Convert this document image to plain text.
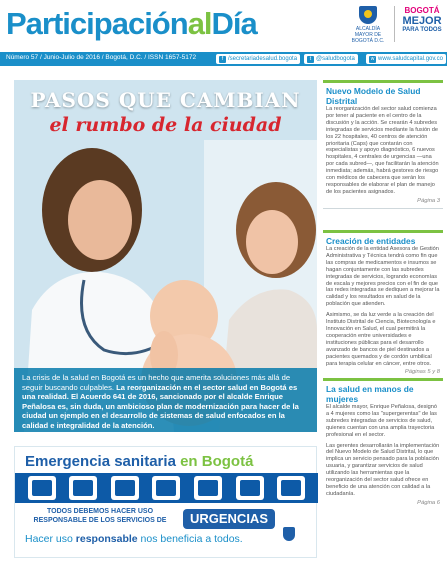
ParticipaciónalDía	ALCALDÍA MAYOR DE BOGOTÁ D.C.
BOGOTÁ
MEJOR
PARA TODOS
Número 57 / Junio-Julio de 2016 / Bogotá, D.C. / ISSN 1657-5172	f /secretariadesalud.bogota	t @saludbogota	w www.saludcapital.gov.co
PASOS QUE CAMBIAN
el rumbo de la ciudad
La crisis de la salud en Bogotá es un hecho que amerita soluciones más allá de seguir buscando culpables. La reorganización en el sector salud en Bogotá es una realidad. El Acuerdo 641 de 2016, sancionado por el alcalde Enrique Peñalosa es, sin duda, un ambicioso plan de modernización para hacer de la ciudad un ejemplo en el desarrollo de sistemas de salud enfocados en la calidad e integralidad de la atención.
Emergencia sanitaria en Bogotá
TODOS DEBEMOS HACER USO
RESPONSABLE DE LOS SERVICIOS DE	URGENCIAS
Hacer uso responsable nos beneficia a todos.
Nuevo Modelo de Salud Distrital

La reorganización del sector salud comienza por tener al paciente en el centro de la discusión y la acción. Se crearán 4 subredes integradas de servicios mediante la fusión de los 22 hospitales, 40 centros de atención prioritaria (Caps) que contarán con especialistas y apoyo diagnóstico, 6 nuevos hospitales, 4 centrales de urgencias —una por cada subred—, que facilitarán la atención inmediata; además, habrá gestores de riesgo con médicos de cabecera que serán los responsables de elaborar el plan de manejo de los pacientes asignados.

Página 3
Creación de entidades

La creación de la entidad Asesora de Gestión Administrativa y Técnica tendrá como fin que las compras de medicamentos e insumos se hagan conjuntamente con las subredes integradas de servicios, logrando economías de escala y mejores precios con el fin de que las redes integradas se dediquen a mejorar la calidad y los resultados en salud de la población que atienden.

Asimismo, se da luz verde a la creación del Instituto Distrital de Ciencia, Biotecnología e Innovación en Salud, el cual permitirá la cooperación entre universidades e instituciones públicas para el desarrollo avanzado de bancos de piel destinados a pacientes quemados y de cordón umbilical para terapia celular en cáncer, entre otros.

Páginas 5 y 8
La salud en manos de mujeres

El alcalde mayor, Enrique Peñalosa, designó a 4 mujeres como las "supergerentas" de las subredes integradas de servicios de salud, quienes cuentan con una amplia trayectoria profesional en el sector.

Las gerentes desarrollarán la implementación del Nuevo Modelo de Salud Distrital, lo que implica un servicio pensado para la población usuaria, y garantizar servicios de salud utilizando las herramientas que la reorganización del sector salud ofrece en beneficio de una atención con calidad a la ciudadanía.

Página 6
